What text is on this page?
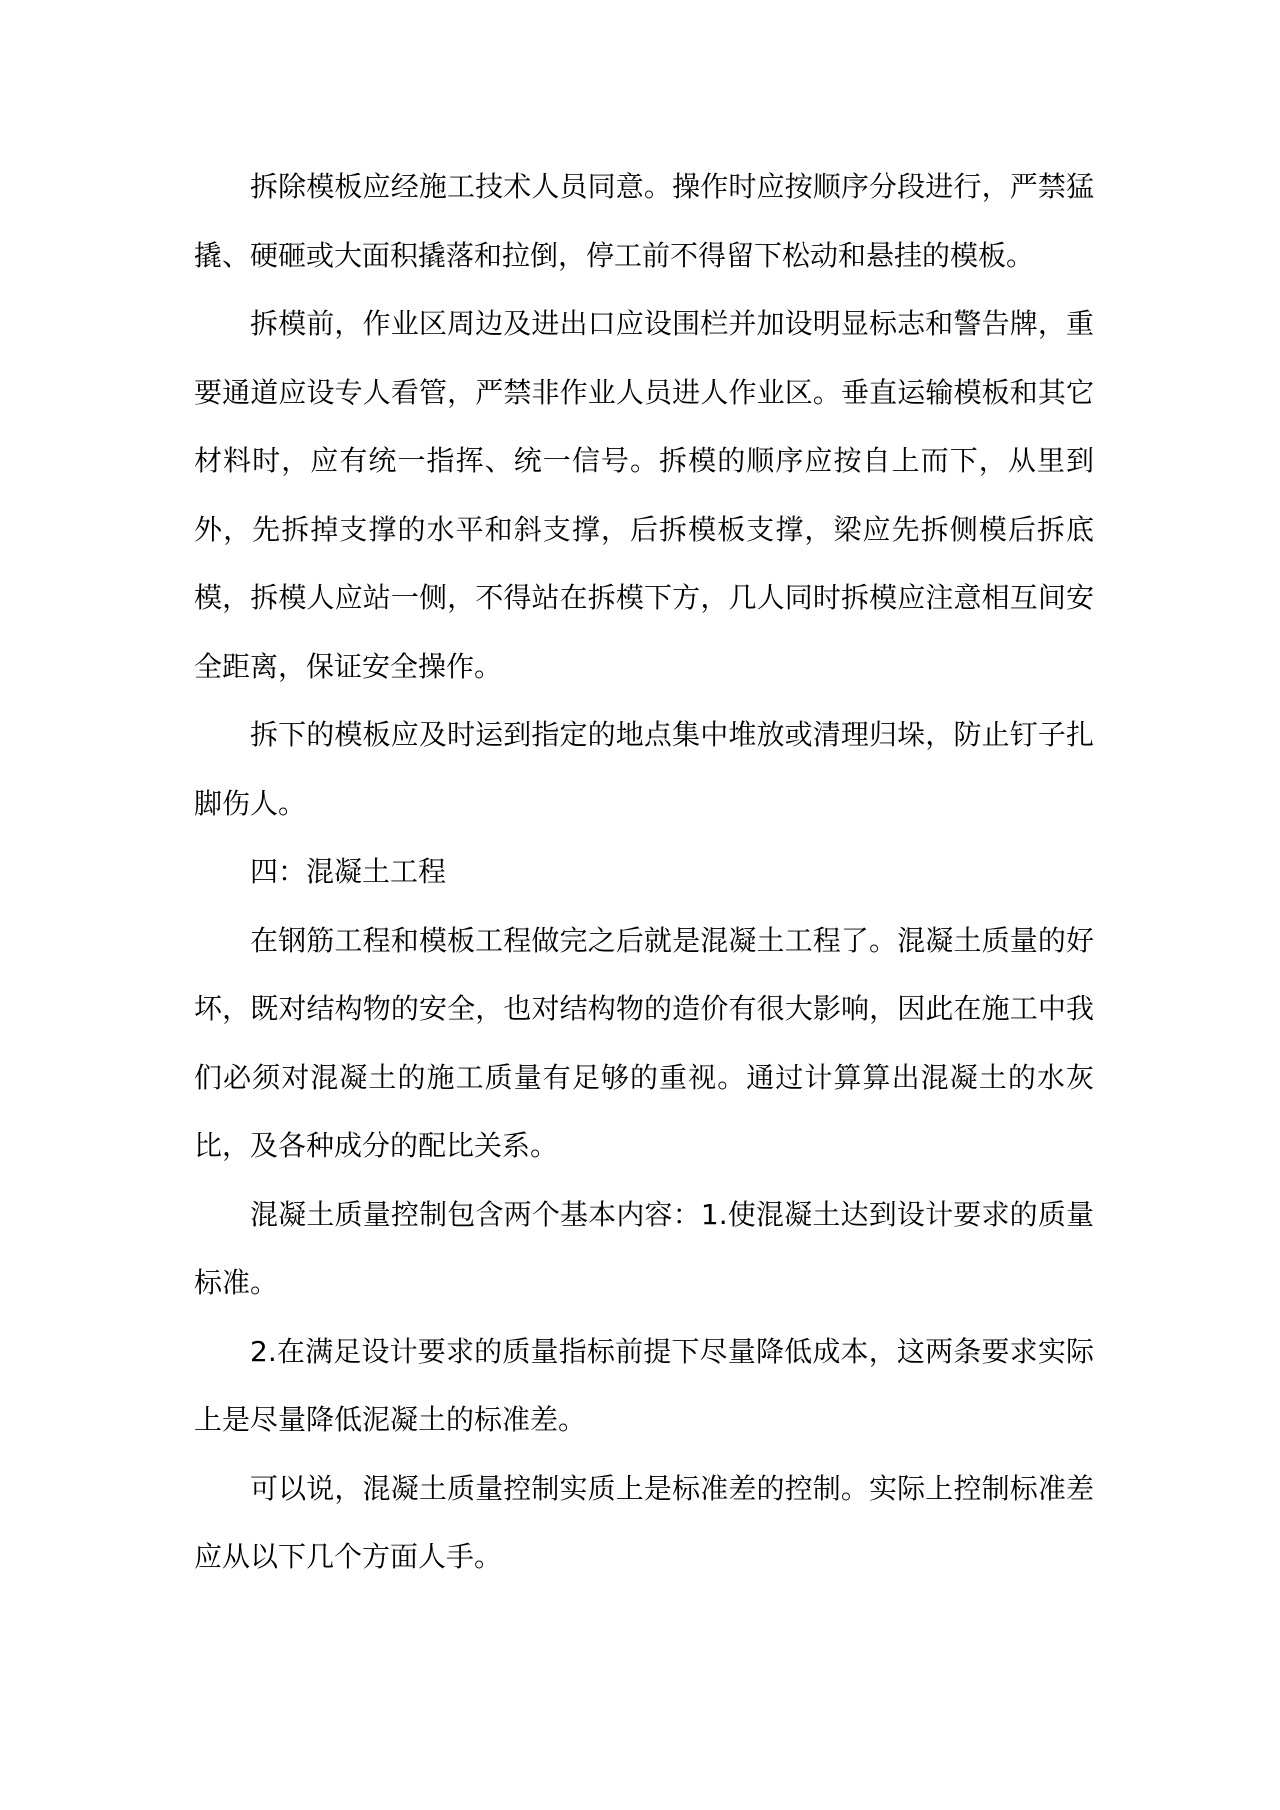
拆除模板应经施工技术人员同意。操作时应按顺序分段进行，严禁猛撬、硬砸或大面积撬落和拉倒，停工前不得留下松动和悬挂的模板。

拆模前，作业区周边及进出口应设围栏并加设明显标志和警告牌，重要通道应设专人看管，严禁非作业人员进人作业区。垂直运输模板和其它材料时，应有统一指挥、统一信号。拆模的顺序应按自上而下，从里到外，先拆掉支撑的水平和斜支撑，后拆模板支撑，梁应先拆侧模后拆底模，拆模人应站一侧，不得站在拆模下方，几人同时拆模应注意相互间安全距离，保证安全操作。

拆下的模板应及时运到指定的地点集中堆放或清理归垛，防止钉子扎脚伤人。

四：混凝土工程

在钢筋工程和模板工程做完之后就是混凝土工程了。混凝土质量的好坏，既对结构物的安全，也对结构物的造价有很大影响，因此在施工中我们必须对混凝土的施工质量有足够的重视。通过计算算出混凝土的水灰比，及各种成分的配比关系。

混凝土质量控制包含两个基本内容：1.使混凝土达到设计要求的质量标准。

2.在满足设计要求的质量指标前提下尽量降低成本，这两条要求实际上是尽量降低泥凝土的标准差。

可以说，混凝土质量控制实质上是标准差的控制。实际上控制标准差应从以下几个方面人手。
